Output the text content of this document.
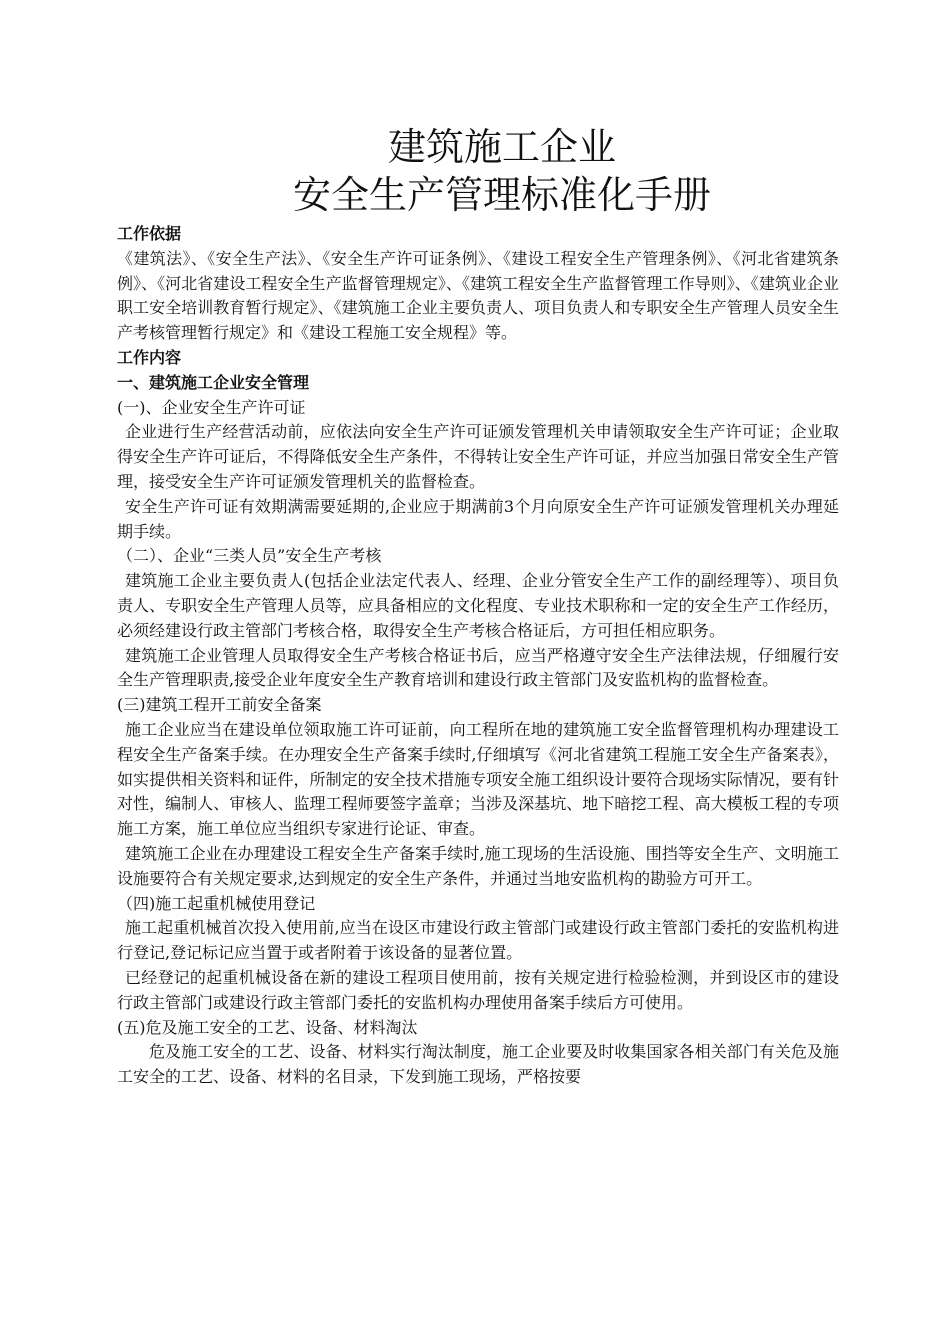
建筑施工企业
安全生产管理标准化手册

工作依据

《建筑法》、《安全生产法》、《安全生产许可证条例》、《建设工程安全生产管理条例》、《河北省建筑条例》、《河北省建设工程安全生产监督管理规定》、《建筑工程安全生产监督管理工作导则》、《建筑业企业职工安全培训教育暂行规定》、《建筑施工企业主要负责人、项目负责人和专职安全生产管理人员安全生产考核管理暂行规定》和《建设工程施工安全规程》等。

工作内容

一、建筑施工企业安全管理

(一)、企业安全生产许可证

企业进行生产经营活动前，应依法向安全生产许可证颁发管理机关申请领取安全生产许可证；企业取得安全生产许可证后，不得降低安全生产条件，不得转让安全生产许可证，并应当加强日常安全生产管理，接受安全生产许可证颁发管理机关的监督检查。

安全生产许可证有效期满需要延期的,企业应于期满前3个月向原安全生产许可证颁发管理机关办理延期手续。

（二）、企业“三类人员”安全生产考核

建筑施工企业主要负责人(包括企业法定代表人、经理、企业分管安全生产工作的副经理等）、项目负责人、专职安全生产管理人员等，应具备相应的文化程度、专业技术职称和一定的安全生产工作经历，必须经建设行政主管部门考核合格，取得安全生产考核合格证后，方可担任相应职务。

建筑施工企业管理人员取得安全生产考核合格证书后，应当严格遵守安全生产法律法规，仔细履行安全生产管理职责,接受企业年度安全生产教育培训和建设行政主管部门及安监机构的监督检查。

(三)建筑工程开工前安全备案

施工企业应当在建设单位领取施工许可证前，向工程所在地的建筑施工安全监督管理机构办理建设工程安全生产备案手续。在办理安全生产备案手续时,仔细填写《河北省建筑工程施工安全生产备案表》，如实提供相关资料和证件，所制定的安全技术措施专项安全施工组织设计要符合现场实际情况，要有针对性，编制人、审核人、监理工程师要签字盖章；当涉及深基坑、地下暗挖工程、高大模板工程的专项施工方案，施工单位应当组织专家进行论证、审查。

建筑施工企业在办理建设工程安全生产备案手续时,施工现场的生活设施、围挡等安全生产、文明施工设施要符合有关规定要求,达到规定的安全生产条件，并通过当地安监机构的勘验方可开工。

（四)施工起重机械使用登记

施工起重机械首次投入使用前,应当在设区市建设行政主管部门或建设行政主管部门委托的安监机构进行登记,登记标记应当置于或者附着于该设备的显著位置。

已经登记的起重机械设备在新的建设工程项目使用前，按有关规定进行检验检测，并到设区市的建设行政主管部门或建设行政主管部门委托的安监机构办理使用备案手续后方可使用。

(五)危及施工安全的工艺、设备、材料淘汰

危及施工安全的工艺、设备、材料实行淘汰制度，施工企业要及时收集国家各相关部门有关危及施工安全的工艺、设备、材料的名目录，下发到施工现场，严格按要
